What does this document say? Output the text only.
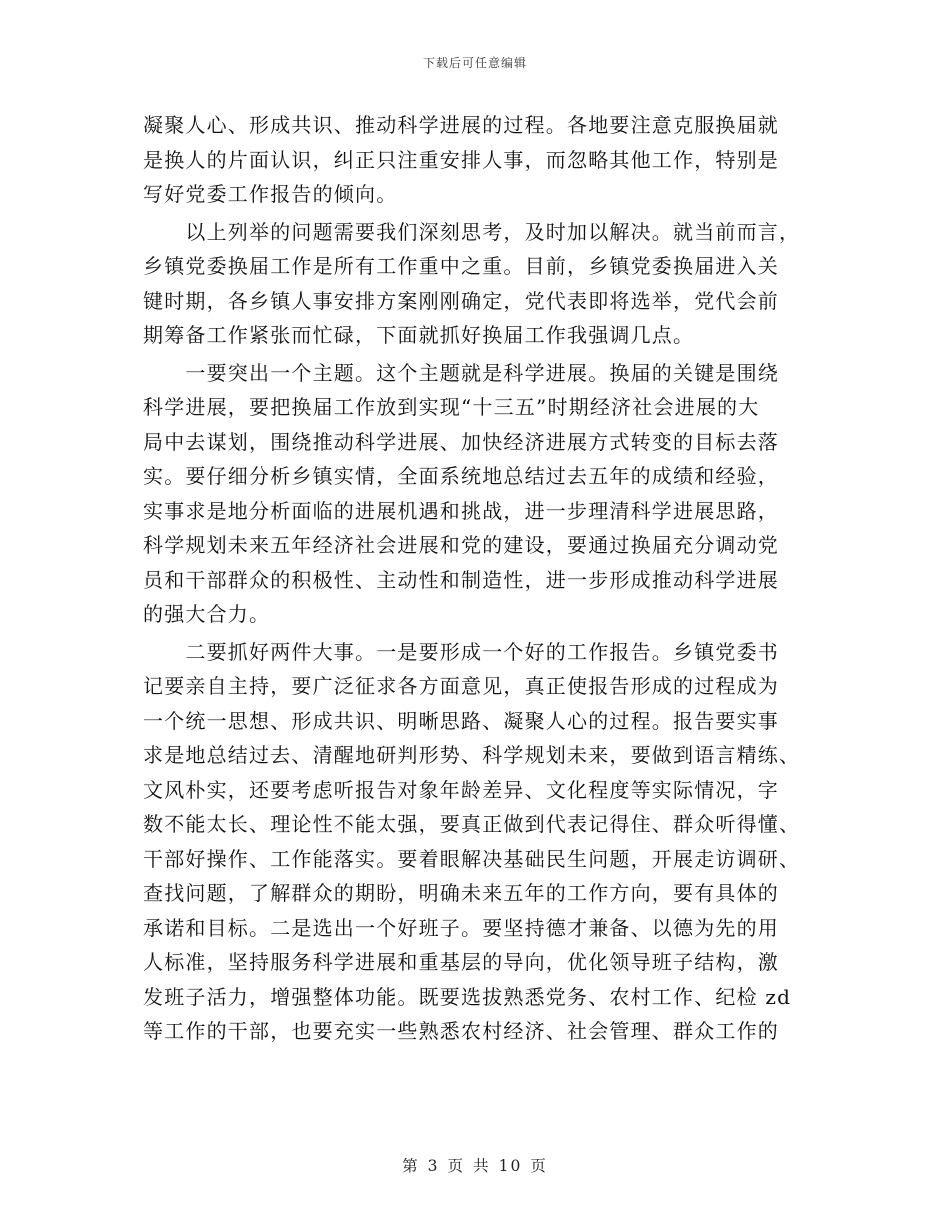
下载后可任意编辑
凝聚人心、形成共识、推动科学进展的过程。各地要注意克服换届就
是换人的片面认识，纠正只注重安排人事，而忽略其他工作，特别是
写好党委工作报告的倾向。
　　以上列举的问题需要我们深刻思考，及时加以解决。就当前而言，
乡镇党委换届工作是所有工作重中之重。目前，乡镇党委换届进入关
键时期，各乡镇人事安排方案刚刚确定，党代表即将选举，党代会前
期筹备工作紧张而忙碌，下面就抓好换届工作我强调几点。
　　一要突出一个主题。这个主题就是科学进展。换届的关键是围绕
科学进展，要把换届工作放到实现“十三五”时期经济社会进展的大
局中去谋划，围绕推动科学进展、加快经济进展方式转变的目标去落
实。要仔细分析乡镇实情，全面系统地总结过去五年的成绩和经验，
实事求是地分析面临的进展机遇和挑战，进一步理清科学进展思路，
科学规划未来五年经济社会进展和党的建设，要通过换届充分调动党
员和干部群众的积极性、主动性和制造性，进一步形成推动科学进展
的强大合力。
　　二要抓好两件大事。一是要形成一个好的工作报告。乡镇党委书
记要亲自主持，要广泛征求各方面意见，真正使报告形成的过程成为
一个统一思想、形成共识、明晰思路、凝聚人心的过程。报告要实事
求是地总结过去、清醒地研判形势、科学规划未来，要做到语言精练、
文风朴实，还要考虑听报告对象年龄差异、文化程度等实际情况，字
数不能太长、理论性不能太强，要真正做到代表记得住、群众听得懂、
干部好操作、工作能落实。要着眼解决基础民生问题，开展走访调研、
查找问题，了解群众的期盼，明确未来五年的工作方向，要有具体的
承诺和目标。二是选出一个好班子。要坚持德才兼备、以德为先的用
人标准，坚持服务科学进展和重基层的导向，优化领导班子结构，激
发班子活力，增强整体功能。既要选拔熟悉党务、农村工作、纪检 zd
等工作的干部，也要充实一些熟悉农村经济、社会管理、群众工作的
第 3 页 共 10 页
